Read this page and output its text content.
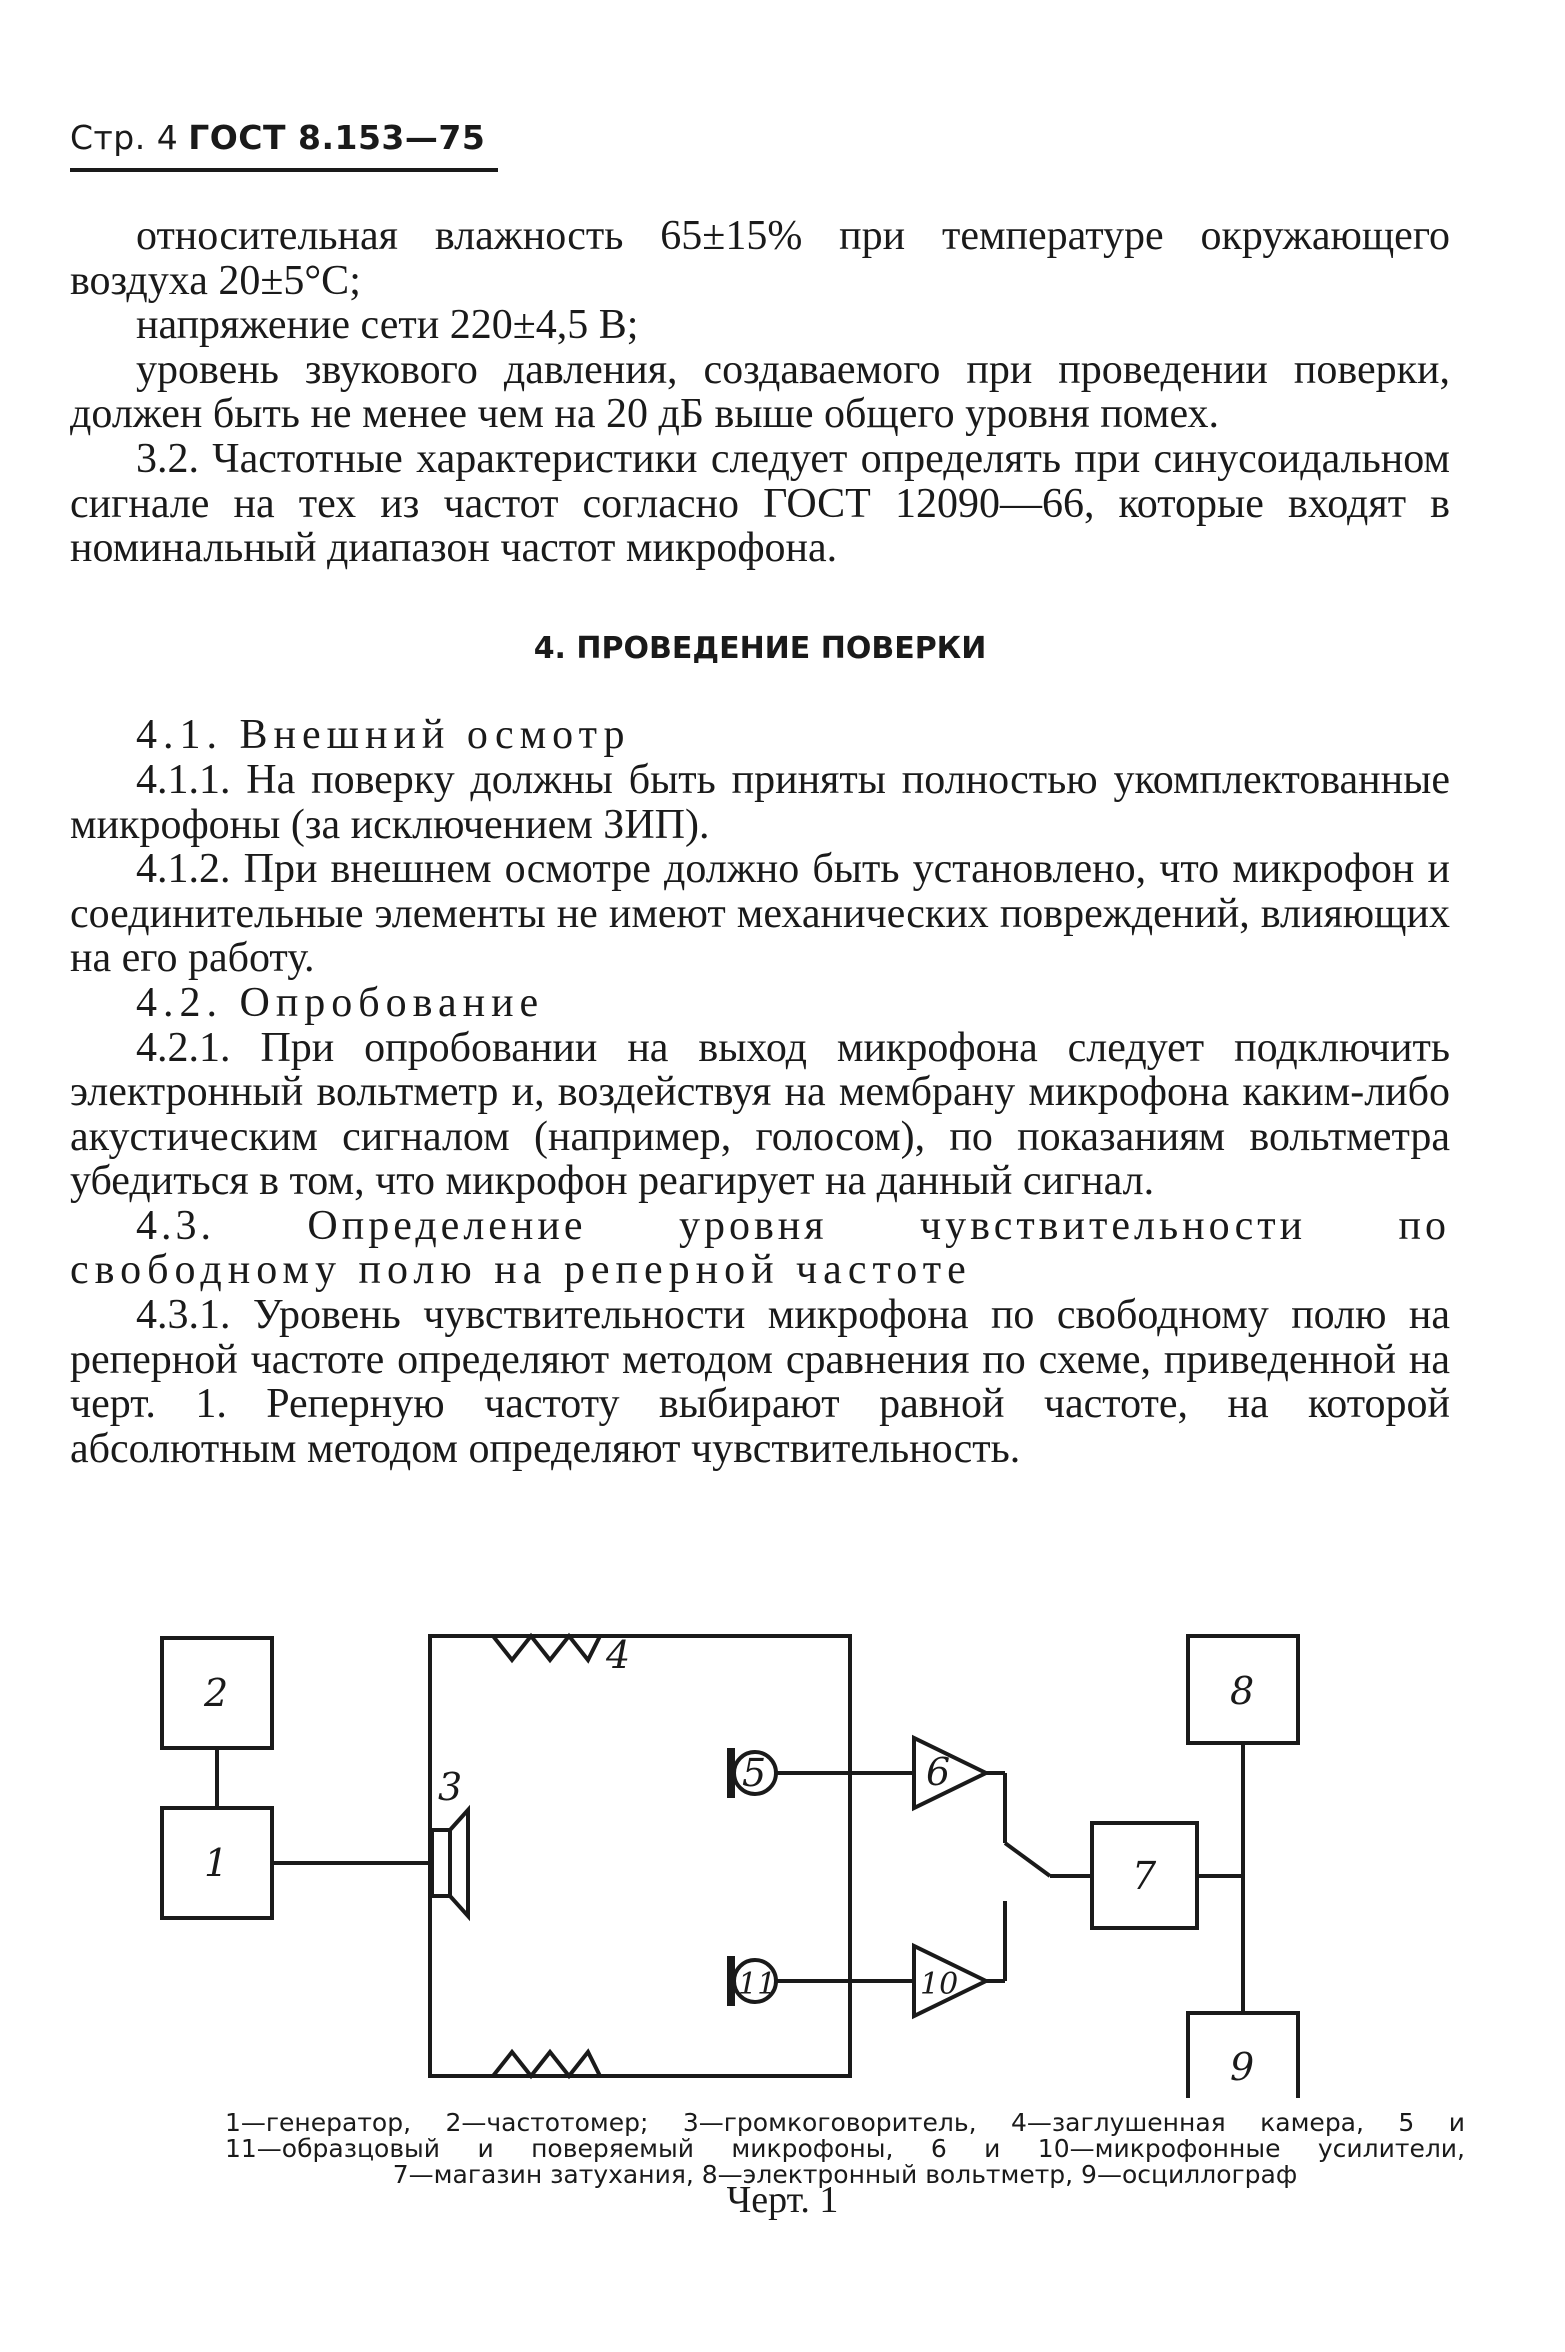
Стр. 4 ГОСТ 8.153—75

относительная влажность 65±15% при температуре окружающего воздуха 20±5°С;

напряжение сети 220±4,5 В;

уровень звукового давления, создаваемого при проведении поверки, должен быть не менее чем на 20 дБ выше общего уровня помех.

3.2. Частотные характеристики следует определять при синусоидальном сигнале на тех из частот согласно ГОСТ 12090—66, которые входят в номинальный диапазон частот микрофона.

4. ПРОВЕДЕНИЕ ПОВЕРКИ

4.1. Внешний осмотр

4.1.1. На поверку должны быть приняты полностью укомплектованные микрофоны (за исключением ЗИП).

4.1.2. При внешнем осмотре должно быть установлено, что микрофон и соединительные элементы не имеют механических повреждений, влияющих на его работу.

4.2. Опробование

4.2.1. При опробовании на выход микрофона следует подключить электронный вольтметр и, воздействуя на мембрану микрофона каким-либо акустическим сигналом (например, голосом), по показаниям вольтметра убедиться в том, что микрофон реагирует на данный сигнал.

4.3. Определение уровня чувствительности по

свободному полю на реперной частоте

4.3.1. Уровень чувствительности микрофона по свободному полю на реперной частоте определяют методом сравнения по схеме, приведенной на черт. 1. Реперную частоту выбирают равной частоте, на которой абсолютным методом определяют чувствительность.

2
1
3
4
5	6
7
8
9
10
11

1—генератор, 2—частотомер; 3—громкоговоритель, 4—заглушенная камера, 5 и

11—образцовый и поверяемый микрофоны, 6 и 10—микрофонные усилители,

7—магазин затухания, 8—электронный вольтметр, 9—осциллограф

Черт. 1
